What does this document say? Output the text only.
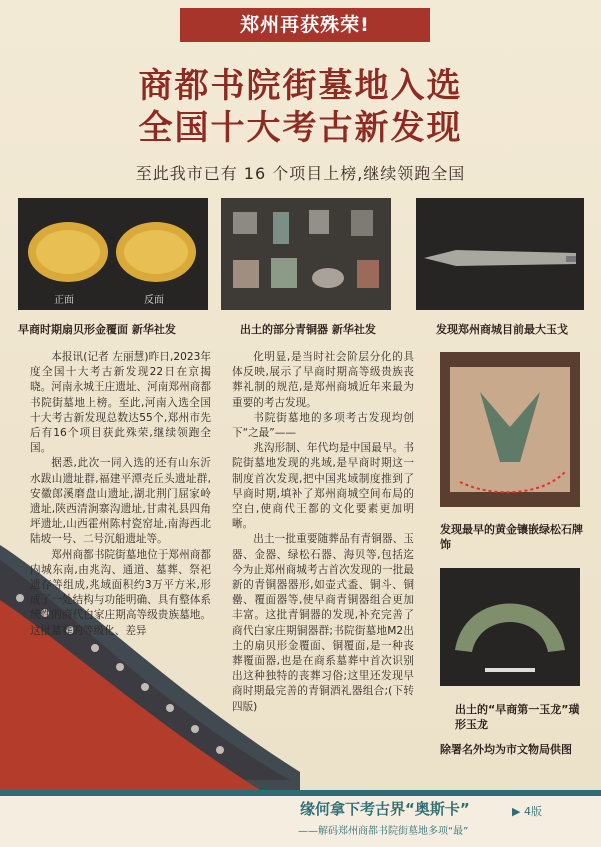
郑州再获殊荣!
商都书院街墓地入选
全国十大考古新发现
至此我市已有 16 个项目上榜,继续领跑全国
正面	反面
早商时期扇贝形金覆面 新华社发	出土的部分青铜器 新华社发	发现郑州商城目前最大玉戈

本报讯(记者 左丽慧)昨日,2023年度全国十大考古新发现22日在京揭晓。河南永城王庄遗址、河南郑州商都书院街墓地上榜。至此,河南入选全国十大考古新发现总数达55个,郑州市先后有16个项目获此殊荣,继续领跑全国。

据悉,此次一同入选的还有山东沂水跋山遗址群,福建平潭壳丘头遗址群,安徽郎溪磨盘山遗址,湖北荆门屈家岭遗址,陕西清涧寨沟遗址,甘肃礼县四角坪遗址,山西霍州陈村瓷窑址,南海西北陆坡一号、二号沉船遗址等。

郑州商都书院街墓地位于郑州商都内城东南,由兆沟、通道、墓葬、祭祀遗存等组成,兆域面积约3万平方米,形成了一处结构与功能明确、具有整体系统性的商代白家庄期高等级贵族墓地。这批墓葬的等级化、差异

化明显,是当时社会阶层分化的具体反映,展示了早商时期高等级贵族丧葬礼制的规范,是郑州商城近年来最为重要的考古发现。

书院街墓地的多项考古发现均创下“之最”——

兆沟形制、年代均是中国最早。书院街墓地发现的兆域,是早商时期这一制度首次发现,把中国兆域制度推到了早商时期,填补了郑州商城空间布局的空白,使商代王都的文化要素更加明晰。

出土一批重要随葬品有青铜器、玉器、金器、绿松石器、海贝等,包括迄今为止郑州商城考古首次发现的一批最新的青铜器器形,如壶式盉、铜斗、铜罍、覆面器等,使早商青铜器组合更加丰富。这批青铜器的发现,补充完善了商代白家庄期铜器群;书院街墓地M2出土的扇贝形金覆面、铜覆面,是一种丧葬覆面器,也是在商系墓葬中首次识别出这种独特的丧葬习俗;这里还发现早商时期最完善的青铜酒礼器组合;(下转四版)

发现最早的黄金镶嵌绿松石牌饰
出土的“早商第一玉龙”璜形玉龙
除署名外均为市文物局供图
缘何拿下考古界“奥斯卡”
——解码郑州商都书院街墓地多项“最”
▶ 4版
